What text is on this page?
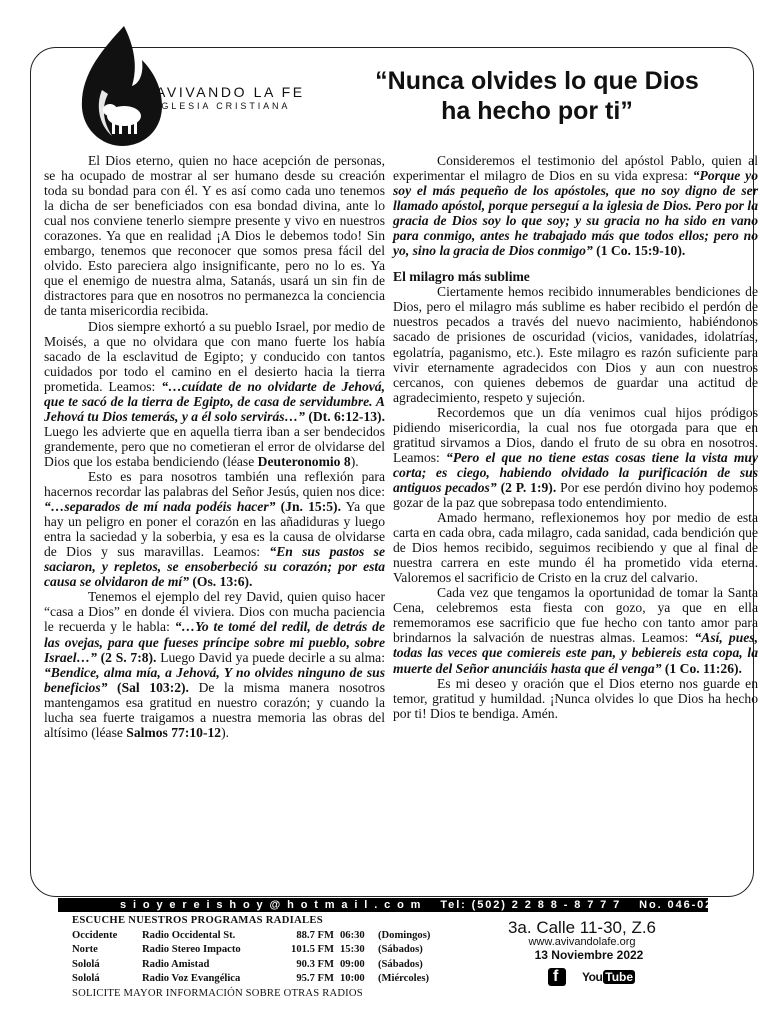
AVIVANDO LA FE
IGLESIA CRISTIANA
“Nunca olvides lo que Dios ha hecho por ti”

El Dios eterno, quien no hace acepción de personas, se ha ocupado de mostrar al ser humano desde su creación toda su bondad para con él. Y es así como cada uno tenemos la dicha de ser beneficiados con esa bondad divina, ante lo cual nos conviene tenerlo siempre presente y vivo en nuestros corazones. Ya que en realidad ¡A Dios le debemos todo! Sin embargo, tenemos que reconocer que somos presa fácil del olvido. Esto pareciera algo insignificante, pero no lo es. Ya que el enemigo de nuestra alma, Satanás, usará un sin fin de distractores para que en nosotros no permanezca la conciencia de tanta misericordia recibida.

Dios siempre exhortó a su pueblo Israel, por medio de Moisés, a que no olvidara que con mano fuerte los había sacado de la esclavitud de Egipto; y conducido con tantos cuidados por todo el camino en el desierto hacia la tierra prometida. Leamos: “…cuídate de no olvidarte de Jehová, que te sacó de la tierra de Egipto, de casa de servidumbre. A Jehová tu Dios temerás, y a él solo servirás…” (Dt. 6:12-13). Luego les advierte que en aquella tierra iban a ser bendecidos grandemente, pero que no cometieran el error de olvidarse del Dios que los estaba bendiciendo (léase Deuteronomio 8).

Esto es para nosotros también una reflexión para hacernos recordar las palabras del Señor Jesús, quien nos dice: “…separados de mí nada podéis hacer” (Jn. 15:5). Ya que hay un peligro en poner el corazón en las añadiduras y luego entra la saciedad y la soberbia, y esa es la causa de olvidarse de Dios y sus maravillas. Leamos: “En sus pastos se saciaron, y repletos, se ensoberbeció su corazón; por esta causa se olvidaron de mí” (Os. 13:6).

Tenemos el ejemplo del rey David, quien quiso hacer “casa a Dios” en donde él viviera. Dios con mucha paciencia le recuerda y le habla: “…Yo te tomé del redil, de detrás de las ovejas, para que fueses príncipe sobre mi pueblo, sobre Israel…” (2 S. 7:8). Luego David ya puede decirle a su alma: “Bendice, alma mía, a Jehová, Y no olvides ninguno de sus beneficios” (Sal 103:2). De la misma manera nosotros mantengamos esa gratitud en nuestro corazón; y cuando la lucha sea fuerte traigamos a nuestra memoria las obras del altísimo (léase Salmos 77:10-12).

Consideremos el testimonio del apóstol Pablo, quien al experimentar el milagro de Dios en su vida expresa: “Porque yo soy el más pequeño de los apóstoles, que no soy digno de ser llamado apóstol, porque perseguí a la iglesia de Dios. Pero por la gracia de Dios soy lo que soy; y su gracia no ha sido en vano para conmigo, antes he trabajado más que todos ellos; pero no yo, sino la gracia de Dios conmigo” (1 Co. 15:9-10).

El milagro más sublime

Ciertamente hemos recibido innumerables bendiciones de Dios, pero el milagro más sublime es haber recibido el perdón de nuestros pecados a través del nuevo nacimiento, habiéndonos sacado de prisiones de oscuridad (vicios, vanidades, idolatrías, egolatría, paganismo, etc.). Este milagro es razón suficiente para vivir eternamente agradecidos con Dios y aun con nuestros cercanos, con quienes debemos de guardar una actitud de agradecimiento, respeto y sujeción.

Recordemos que un día venimos cual hijos pródigos pidiendo misericordia, la cual nos fue otorgada para que en gratitud sirvamos a Dios, dando el fruto de su obra en nosotros. Leamos: “Pero el que no tiene estas cosas tiene la vista muy corta; es ciego, habiendo olvidado la purificación de sus antiguos pecados” (2 P. 1:9). Por ese perdón divino hoy podemos gozar de la paz que sobrepasa todo entendimiento.

Amado hermano, reflexionemos hoy por medio de esta carta en cada obra, cada milagro, cada sanidad, cada bendición que de Dios hemos recibido, seguimos recibiendo y que al final de nuestra carrera en este mundo él ha prometido vida eterna. Valoremos el sacrificio de Cristo en la cruz del calvario.

Cada vez que tengamos la oportunidad de tomar la Santa Cena, celebremos esta fiesta con gozo, ya que en ella rememoramos ese sacrificio que fue hecho con tanto amor para brindarnos la salvación de nuestras almas. Leamos: “Así, pues, todas las veces que comiereis este pan, y bebiereis esta copa, la muerte del Señor anunciáis hasta que él venga” (1 Co. 11:26).

Es mi deseo y oración que el Dios eterno nos guarde en temor, gratitud y humildad. ¡Nunca olvides lo que Dios ha hecho por ti! Dios te bendiga. Amén.

s i o y e r e i s h o y @ h o t m a i l . c o m Tel: (502) 2 2 8 8 - 8 7 7 7 No. 046-022
ESCUCHE NUESTROS PROGRAMAS RADIALES
Occidente	Radio Occidental St.	88.7 FM	06:30	(Domingos)
Norte	Radio Stereo Impacto	101.5 FM	15:30	(Sábados)
Sololá	Radio Amistad	90.3 FM	09:00	(Sábados)
Sololá	Radio Voz Evangélica	95.7 FM	10:00	(Miércoles)
SOLICITE MAYOR INFORMACIÓN SOBRE OTRAS RADIOS
3a. Calle 11-30, Z.6
www.avivandolafe.org
13 Noviembre 2022
f You Tube
